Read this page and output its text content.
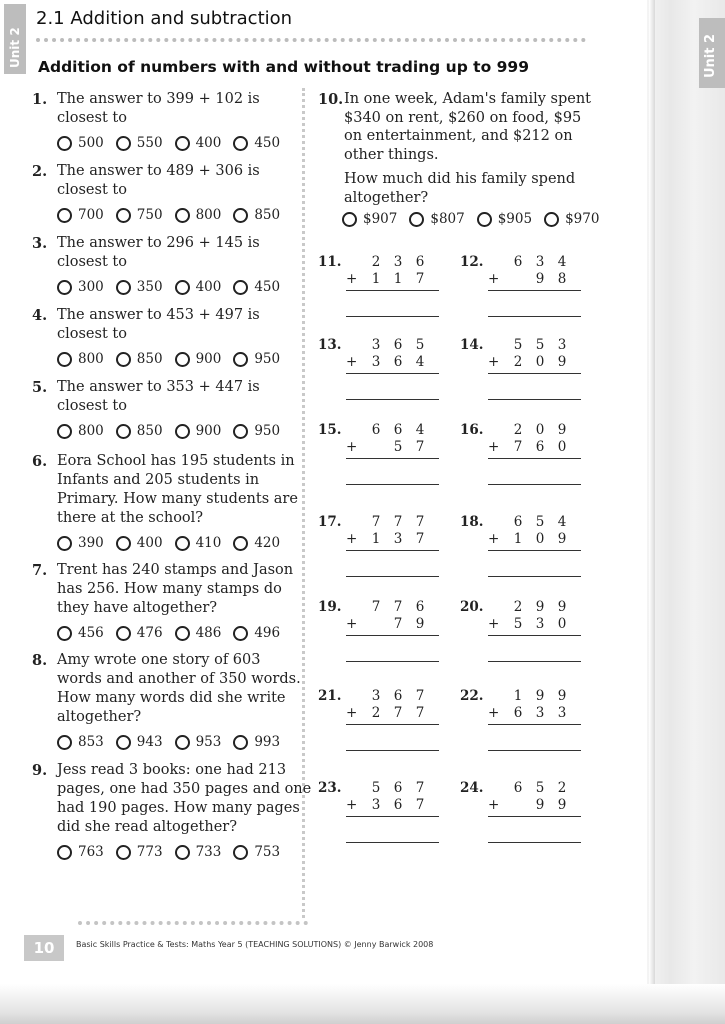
Unit 2
Unit 2
2.1 Addition and subtraction
Addition of numbers with and without trading up to 999
1. The answer to 399 + 102 is
closest to
500 550 400 450
2. The answer to 489 + 306 is
closest to
700 750 800 850
3. The answer to 296 + 145 is
closest to
300 350 400 450
4. The answer to 453 + 497 is
closest to
800 850 900 950
5. The answer to 353 + 447 is
closest to
800 850 900 950
6. Eora School has 195 students in
Infants and 205 students in
Primary. How many students are
there at the school?
390 400 410 420
7. Trent has 240 stamps and Jason
has 256. How many stamps do
they have altogether?
456 476 486 496
8. Amy wrote one story of 603
words and another of 350 words.
How many words did she write
altogether?
853 943 953 993
9. Jess read 3 books: one had 213
pages, one had 350 pages and one
had 190 pages. How many pages
did she read altogether?
763 773 733 753
10. In one week, Adam's family spent
$340 on rent, $260 on food, $95
on entertainment, and $212 on
other things.
How much did his family spend
altogether?
$907 $807 $905 $970
11. 2 3 6
+ 1 1 7
12. 6 3 4
+	9 8
13. 3 6 5
+ 3 6 4
14. 5 5 3
+ 2 0 9
15. 6 6 4
+	5 7
16. 2 0 9
+ 7 6 0
17. 7 7 7
+ 1 3 7
18. 6 5 4
+ 1 0 9
19. 7 7 6
+	7 9
20. 2 9 9
+ 5 3 0
21. 3 6 7
+ 2 7 7
22. 1 9 9
+ 6 3 3
23. 5 6 7
+ 3 6 7
24. 6 5 2
+	9 9
10	Basic Skills Practice & Tests: Maths Year 5 (TEACHING SOLUTIONS) © Jenny Barwick 2008
